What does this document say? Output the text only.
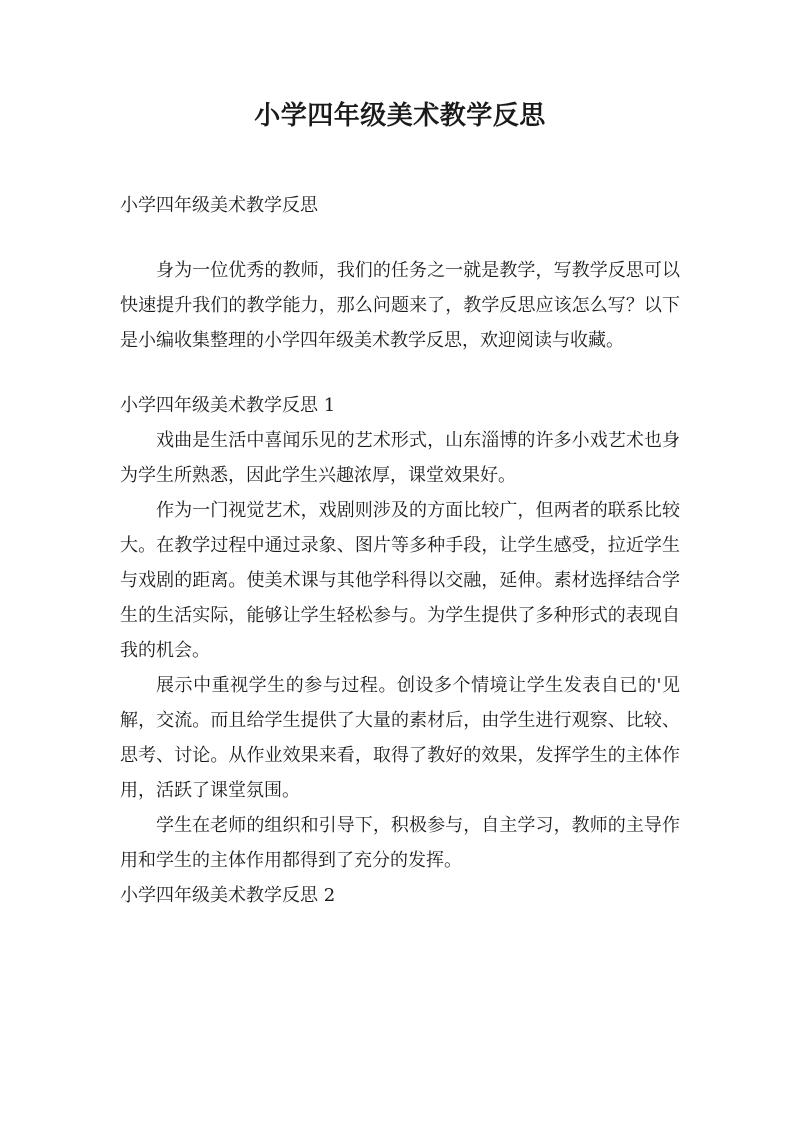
小学四年级美术教学反思

小学四年级美术教学反思

身为一位优秀的教师，我们的任务之一就是教学，写教学反思可以快速提升我们的教学能力，那么问题来了，教学反思应该怎么写？以下是小编收集整理的小学四年级美术教学反思，欢迎阅读与收藏。

小学四年级美术教学反思 1

戏曲是生活中喜闻乐见的艺术形式，山东淄博的许多小戏艺术也身为学生所熟悉，因此学生兴趣浓厚，课堂效果好。

作为一门视觉艺术，戏剧则涉及的方面比较广，但两者的联系比较大。在教学过程中通过录象、图片等多种手段，让学生感受，拉近学生与戏剧的距离。使美术课与其他学科得以交融，延伸。素材选择结合学生的生活实际，能够让学生轻松参与。为学生提供了多种形式的表现自我的机会。

展示中重视学生的参与过程。创设多个情境让学生发表自已的'见解，交流。而且给学生提供了大量的素材后，由学生进行观察、比较、思考、讨论。从作业效果来看，取得了教好的效果，发挥学生的主体作用，活跃了课堂氛围。

学生在老师的组织和引导下，积极参与，自主学习，教师的主导作用和学生的主体作用都得到了充分的发挥。

小学四年级美术教学反思 2
